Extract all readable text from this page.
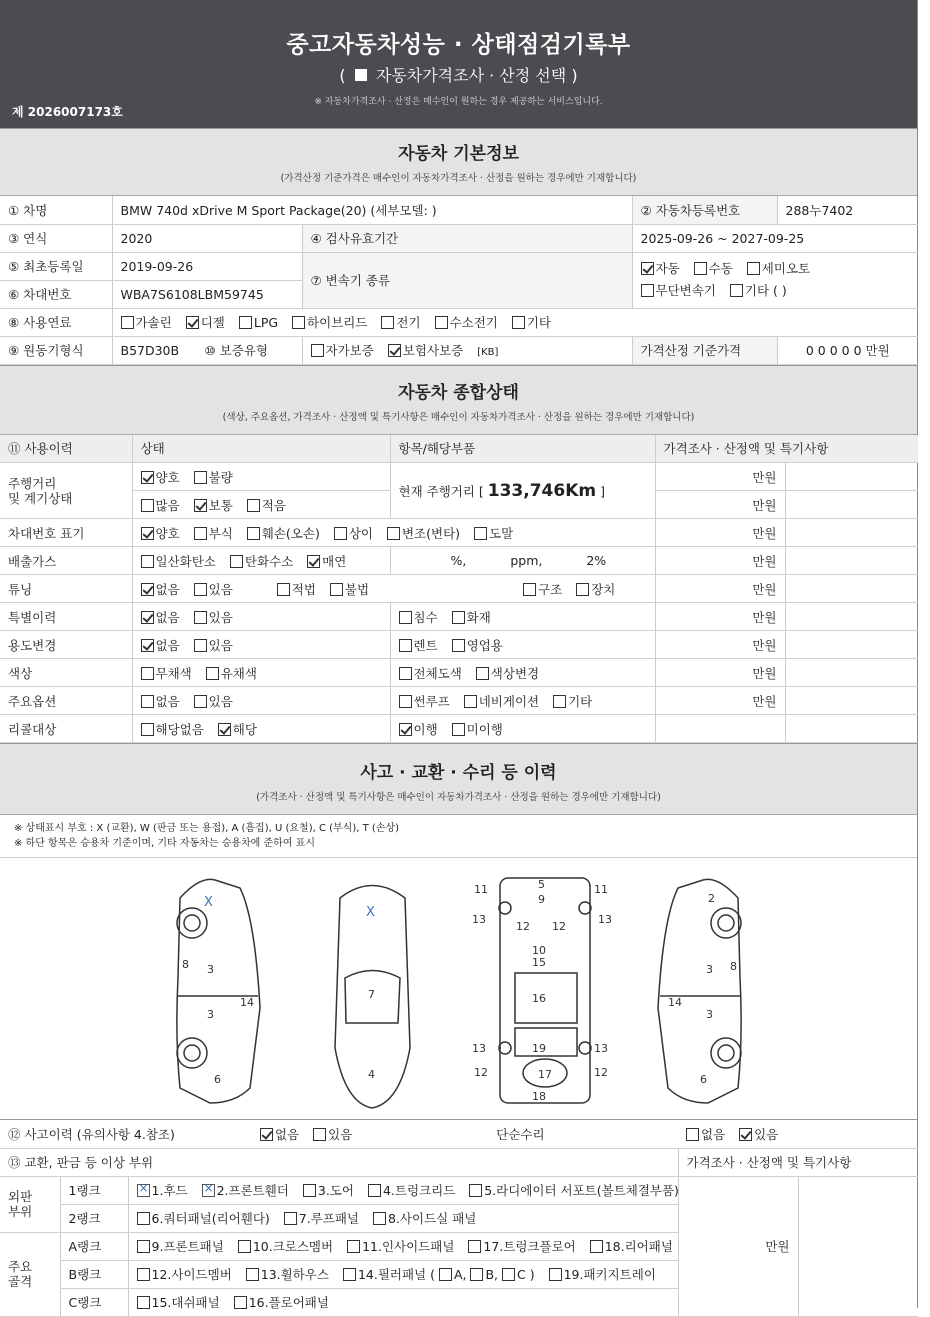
중고자동차성능 · 상태점검기록부
( 자동차가격조사 · 산정 선택 )
※ 자동차가격조사 · 산정은 매수인이 원하는 경우 제공하는 서비스입니다.
제 2026007173호
자동차 기본정보
(가격산정 기준가격은 매수인이 자동차가격조사 · 산정을 원하는 경우에만 기재합니다)
① 차명	BMW 740d xDrive M Sport Package(20) (세부모델: )		② 자동차등록번호	288누7402
③ 연식	2020	④ 검사유효기간	2025-09-26 ~ 2027-09-25	
⑤ 최초등록일	2019-09-26	⑦ 변속기 종류	자동 수동 세미오토
무단변속기 기타 ( )	
⑥ 차대번호	WBA7S6108LBM59745			
⑧ 사용연료	가솔린 디젤 LPG 하이브리드 전기 수소전기 기타			
⑨ 원동기형식	B57D30B ⑩ 보증유형	자가보증 보험사보증 [KB]	가격산정 기준가격	0 0 0 0 0 만원
자동차 종합상태
(색상, 주요옵션, 가격조사 · 산정액 및 특기사항은 매수인이 자동차가격조사 · 산정을 원하는 경우에만 기재합니다)
⑪ 사용이력	상태	항목/해당부품	가격조사 · 산정액 및 특기사항	
주행거리
및 계기상태	양호 불량	현재 주행거리 [ 133,746Km ]	만원	
	많음 보통 적음		만원	
차대번호 표기	양호 부식 훼손(오손) 상이 변조(변타) 도말		만원	
배출가스	일산화탄소 탄화수소 매연	%, ppm, 2%	만원	
튜닝	없음 있음 적법 불법 구조 장치		만원	
특별이력	없음 있음	침수 화재	만원	
용도변경	없음 있음	렌트 영업용	만원	
색상	무채색 유채색	전체도색 색상변경	만원	
주요옵션	없음 있음	썬루프 네비게이션 기타	만원	
리콜대상	해당없음 해당	이행 미이행		
사고 · 교환 · 수리 등 이력
(가격조사 · 산정액 및 특기사항은 매수인이 자동차가격조사 · 산정을 원하는 경우에만 기재합니다)
※ 상태표시 부호 : X (교환), W (판금 또는 용접), A (흠집), U (요철), C (부식), T (손상)
※ 하단 항목은 승용차 기준이며, 기타 자동차는 승용차에 준하여 표시
3
3
8
14
6
X
7
4
X
5
9
11	11
12 12
13	13
10
15
16
13	13
19
12	12
17
18
2
3
3
8
14
6
⑫ 사고이력 (유의사항 4.참조)		없음 있음 단순수리	없음 있음	
⑬ 교환, 판금 등 이상 부위			가격조사 · 산정액 및 특기사항	
외판
부위	1랭크	×1.후드 × 2.프론트휀더 3.도어 4.트렁크리드 5.라디에이터 서포트(볼트체결부품)	만원	
	2랭크	6.쿼터패널(리어휀다) 7.루프패널 8.사이드실 패널		
주요
골격	A랭크	9.프론트패널 10.크로스멤버 11.인사이드패널 17.트렁크플로어 18.리어패널		
	B랭크	12.사이드멤버 13.휠하우스 14.필러패널 ( A, B, C ) 19.패키지트레이		
	C랭크	15.대쉬패널 16.플로어패널		
